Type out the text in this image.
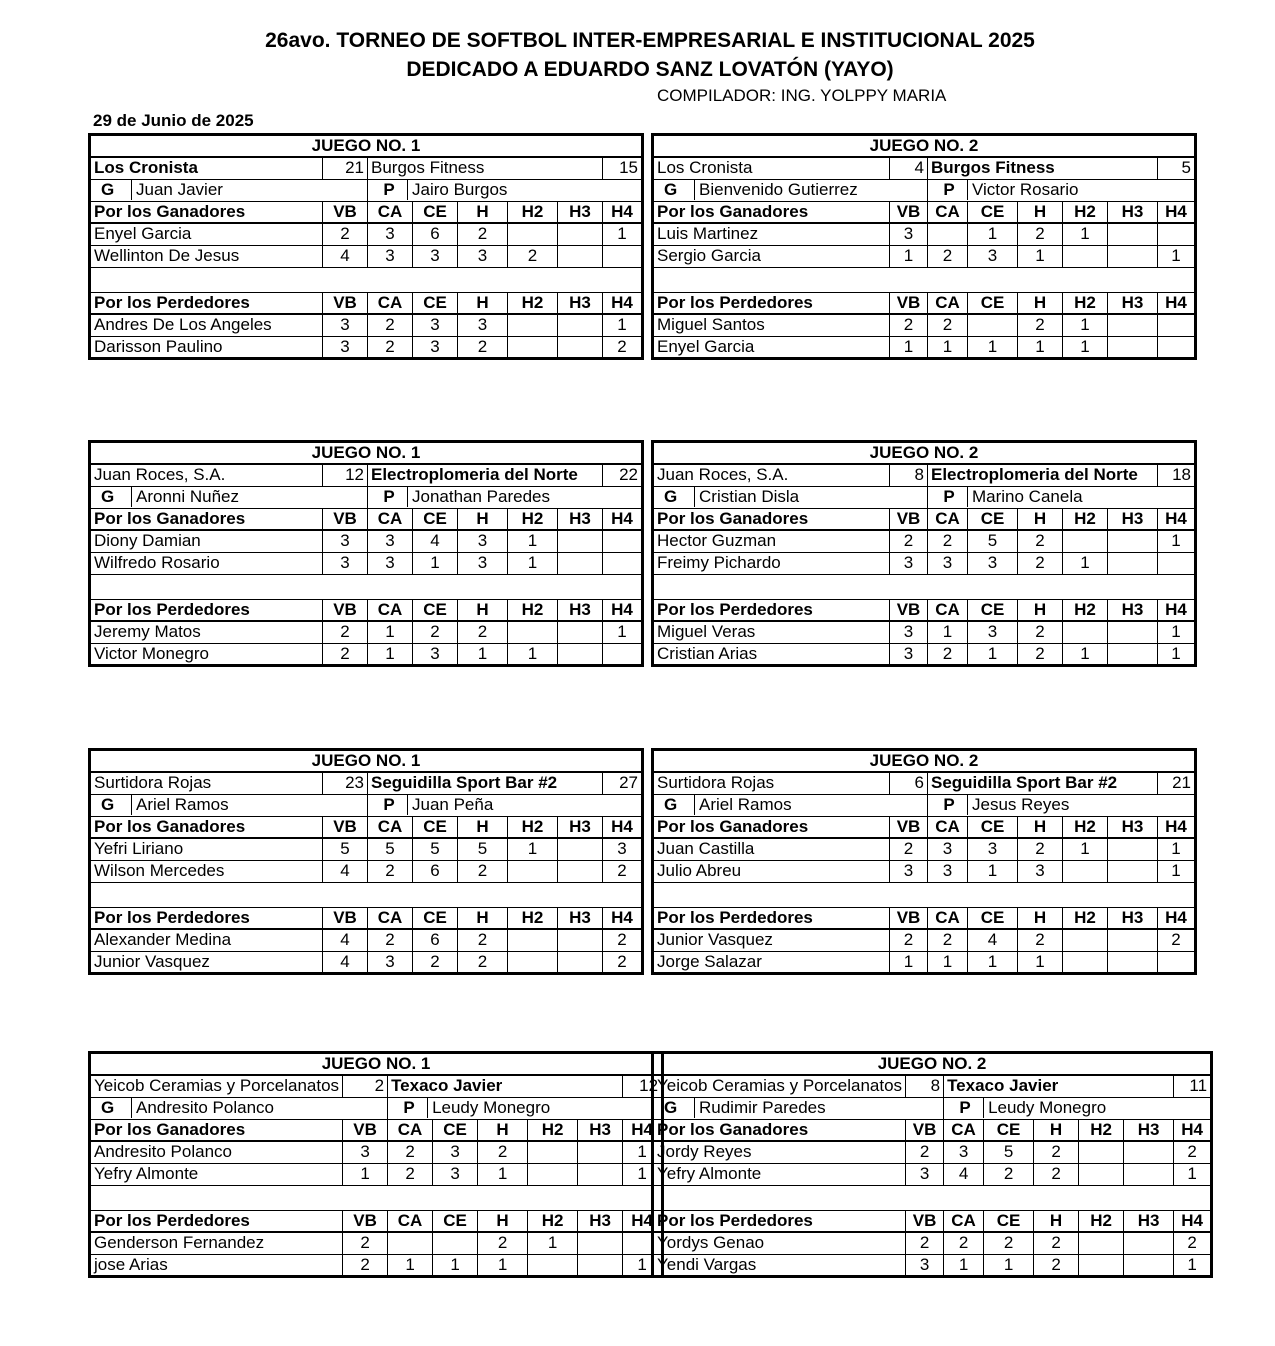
26avo. TORNEO DE SOFTBOL INTER-EMPRESARIAL E INSTITUCIONAL 2025
DEDICADO A EDUARDO SANZ LOVATÓN (YAYO)
COMPILADOR: ING. YOLPPY MARIA
29 de Junio de 2025
JUEGO NO. 1							
Los Cronista	21	Burgos Fitness					15
G Juan Javier		P Jairo Burgos					
Por los Ganadores	VB	CA	CE	H	H2	H3	H4
Enyel Garcia	2	3	6	2			1
Wellinton De Jesus	4	3	3	3	2		

Por los Perdedores	VB	CA	CE	H	H2	H3	H4
Andres De Los Angeles	3	2	3	3			1
Darisson Paulino	3	2	3	2			2
JUEGO NO. 2							
Los Cronista	4	Burgos Fitness					5
G Bienvenido Gutierrez		P Victor Rosario					
Por los Ganadores	VB	CA	CE	H	H2	H3	H4
Luis Martinez	3		1	2	1		
Sergio Garcia	1	2	3	1			1

Por los Perdedores	VB	CA	CE	H	H2	H3	H4
Miguel Santos	2	2		2	1		
Enyel Garcia	1	1	1	1	1		
JUEGO NO. 1							
Juan Roces, S.A.	12	Electroplomeria del Norte					22
G Aronni Nuñez		P Jonathan Paredes					
Por los Ganadores	VB	CA	CE	H	H2	H3	H4
Diony Damian	3	3	4	3	1		
Wilfredo Rosario	3	3	1	3	1		

Por los Perdedores	VB	CA	CE	H	H2	H3	H4
Jeremy Matos	2	1	2	2			1
Victor Monegro	2	1	3	1	1		
JUEGO NO. 2							
Juan Roces, S.A.	8	Electroplomeria del Norte					18
G Cristian Disla		P Marino Canela					
Por los Ganadores	VB	CA	CE	H	H2	H3	H4
Hector Guzman	2	2	5	2			1
Freimy Pichardo	3	3	3	2	1		

Por los Perdedores	VB	CA	CE	H	H2	H3	H4
Miguel Veras	3	1	3	2			1
Cristian Arias	3	2	1	2	1		1
JUEGO NO. 1							
Surtidora Rojas	23	Seguidilla Sport Bar #2					27
G Ariel Ramos		P Juan Peña					
Por los Ganadores	VB	CA	CE	H	H2	H3	H4
Yefri Liriano	5	5	5	5	1		3
Wilson Mercedes	4	2	6	2			2

Por los Perdedores	VB	CA	CE	H	H2	H3	H4
Alexander Medina	4	2	6	2			2
Junior Vasquez	4	3	2	2			2
JUEGO NO. 2							
Surtidora Rojas	6	Seguidilla Sport Bar #2					21
G Ariel Ramos		P Jesus Reyes					
Por los Ganadores	VB	CA	CE	H	H2	H3	H4
Juan Castilla	2	3	3	2	1		1
Julio Abreu	3	3	1	3			1

Por los Perdedores	VB	CA	CE	H	H2	H3	H4
Junior Vasquez	2	2	4	2			2
Jorge Salazar	1	1	1	1			
JUEGO NO. 1							
Yeicob Ceramias y Porcelanatos	2	Texaco Javier					12
G Andresito Polanco		P Leudy Monegro					
Por los Ganadores	VB	CA	CE	H	H2	H3	H4
Andresito Polanco	3	2	3	2			1
Yefry Almonte	1	2	3	1			1

Por los Perdedores	VB	CA	CE	H	H2	H3	H4
Genderson Fernandez	2			2	1		
jose Arias	2	1	1	1			1
JUEGO NO. 2							
Yeicob Ceramias y Porcelanatos	8	Texaco Javier					11
G Rudimir Paredes		P Leudy Monegro					
Por los Ganadores	VB	CA	CE	H	H2	H3	H4
Jordy Reyes	2	3	5	2			2
Yefry Almonte	3	4	2	2			1

Por los Perdedores	VB	CA	CE	H	H2	H3	H4
Yordys Genao	2	2	2	2			2
Yendi Vargas	3	1	1	2			1
